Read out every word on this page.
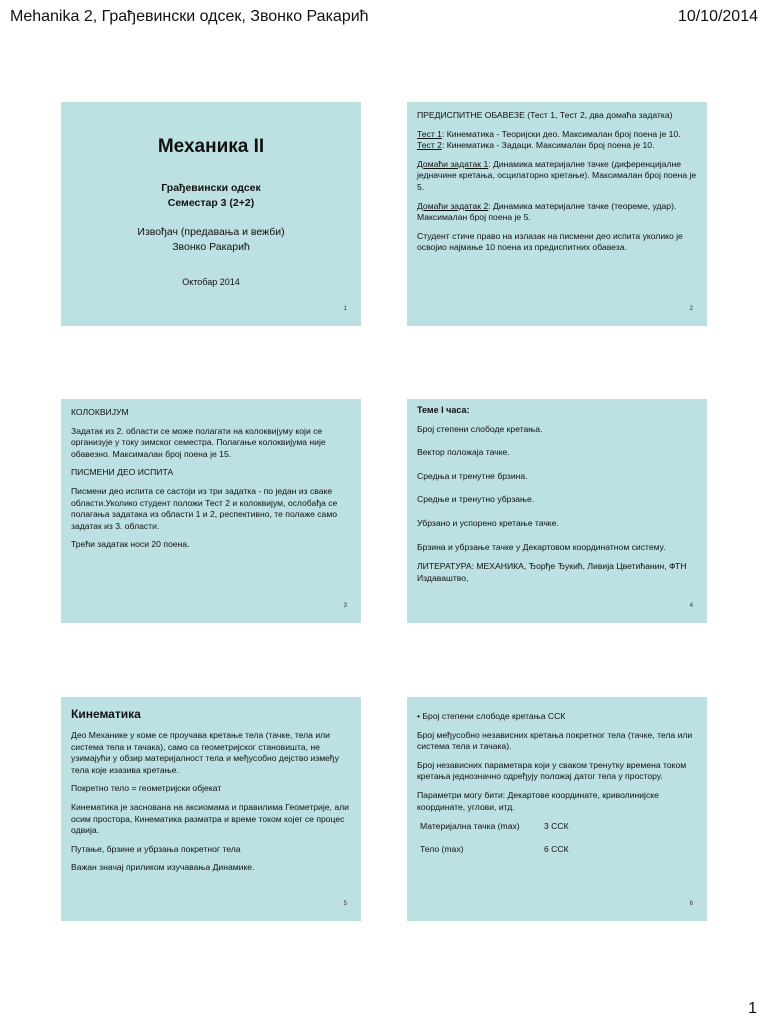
Mehanika 2, Грађевински одсек, Звонко Ракарић	10/10/2014
Механика II
Грађевински одсек
Семестар 3 (2+2)
Извођач (предавања и вежби)
Звонко Ракарић
Октобар 2014
1

ПРЕДИСПИТНЕ ОБАВЕЗЕ (Тест 1, Тест 2, два домаћа задатка)

Тест 1: Кинематика - Теоријски део. Максималан број поена је 10.
Тест 2: Кинематика - Задаци. Максималан број поена је 10.

Домаћи задатак 1: Динамика материјалне тачке (диференцијалне једначине кретања, осцилаторно кретање). Максималан број поена је 5.

Домаћи задатак 2: Динамика материјалне тачке (теореме, удар). Максималан број поена је 5.

Студент стиче право на излазак на писмени део испита уколико је освојио најмање 10 поена из предиспитних обавеза.

2

КОЛОКВИЈУМ

Задатак из 2. области се може полагати на колоквијуму који се организује у току зимског семестра. Полагање колоквијума није обавезно. Максималан број поена је 15.

ПИСМЕНИ ДЕО ИСПИТА

Писмени део испита се састоји из три задатка - по један из сваке области.Уколико студент положи Тест 2 и колоквијум, ослобађа се полагања задатака из области 1 и 2, респективно, те полаже само задатак из 3. области.

Трећи задатак носи 20 поена.

3

Теме I часа:

Број степени слободе кретања.

Вектор положаја тачке.

Средња и тренутне брзина.

Средње и тренутно убрзање.

Убрзано и успорено кретање тачке.

Брзина и убрзање тачке у Декартовом координатном систему.

ЛИТЕРАТУРА: МЕХАНИКА, Ђорђе Ђукић, Ливија Цветићанин, ФТН Издаваштво,

4
Кинематика

Део Механике у коме се проучава кретање тела (тачке, тела или система тела и тачака), само са геометријског становишта, не узимајући у обзир материјалност тела и међусобно дејство између тела које изазива кретање.

Покретно тело = геометријски објекат

Кинематика је заснована на аксиомама и правилима Геометрије, али осим простора, Кинематика разматра и време током којег се процес одвија.

Путање, брзине и убрзања покретног тела

Важан значај приликом изучавања Динамике.

5

• Број степени слободе кретања ССК

Број међусобно независних кретања покретног тела (тачке, тела или система тела и тачака).

Број независних параметара који у сваком тренутку времена током кретања једнозначно одређују положај датог тела у простору.

Параметри могу бити: Декартове координате, криволинијске координате, углови, итд.

Материјална тачка (max)	3 ССК
Тело (max)	6 ССК
6
1
